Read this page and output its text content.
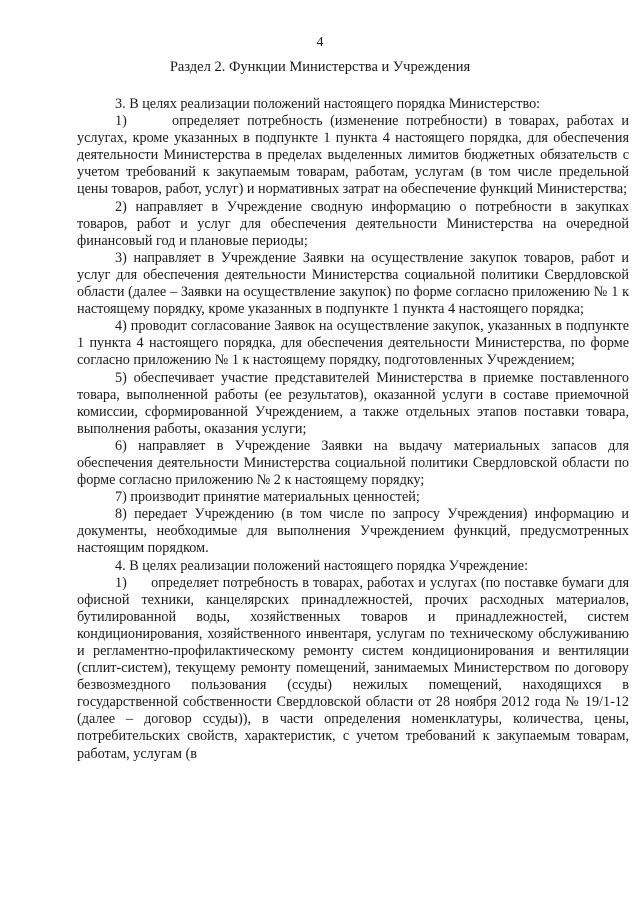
4
Раздел 2. Функции Министерства и Учреждения

3. В целях реализации положений настоящего порядка Министерство:

1)      определяет потребность (изменение потребности) в товарах, работах и услугах, кроме указанных в подпункте 1 пункта 4 настоящего порядка, для обеспечения деятельности Министерства в пределах выделенных лимитов бюджетных обязательств с учетом требований к закупаемым товарам, работам, услугам (в том числе предельной цены товаров, работ, услуг) и нормативных затрат на обеспечение функций Министерства;

2) направляет в Учреждение сводную информацию о потребности в закупках товаров, работ и услуг для обеспечения деятельности Министерства на очередной финансовый год и плановые периоды;

3) направляет в Учреждение Заявки на осуществление закупок товаров, работ и услуг для обеспечения деятельности Министерства социальной политики Свердловской области (далее – Заявки на осуществление закупок) по форме согласно приложению № 1 к настоящему порядку, кроме указанных в подпункте 1 пункта 4 настоящего порядка;

4) проводит согласование Заявок на осуществление закупок, указанных в подпункте 1 пункта 4 настоящего порядка, для обеспечения деятельности Министерства, по форме согласно приложению № 1 к настоящему порядку, подготовленных Учреждением;

5) обеспечивает участие представителей Министерства в приемке поставленного товара, выполненной работы (ее результатов), оказанной услуги в составе приемочной комиссии, сформированной Учреждением, а также отдельных этапов поставки товара, выполнения работы, оказания услуги;

6) направляет в Учреждение Заявки на выдачу материальных запасов для обеспечения деятельности Министерства социальной политики Свердловской области по форме согласно приложению № 2 к настоящему порядку;

7) производит принятие материальных ценностей;

8) передает Учреждению (в том числе по запросу Учреждения) информацию и документы, необходимые для выполнения Учреждением функций, предусмотренных настоящим порядком.

4. В целях реализации положений настоящего порядка Учреждение:

1)      определяет потребность в товарах, работах и услугах (по поставке бумаги для офисной техники, канцелярских принадлежностей, прочих расходных материалов, бутилированной воды, хозяйственных товаров и принадлежностей, систем кондиционирования, хозяйственного инвентаря, услугам по техническому обслуживанию и регламентно-профилактическому ремонту систем кондиционирования и вентиляции (сплит-систем), текущему ремонту помещений, занимаемых Министерством по договору безвозмездного пользования (ссуды) нежилых помещений, находящихся в государственной собственности Свердловской области от 28 ноября 2012 года № 19/1-12 (далее – договор ссуды)), в части определения номенклатуры, количества, цены, потребительских свойств, характеристик, с учетом требований к закупаемым товарам, работам, услугам (в
